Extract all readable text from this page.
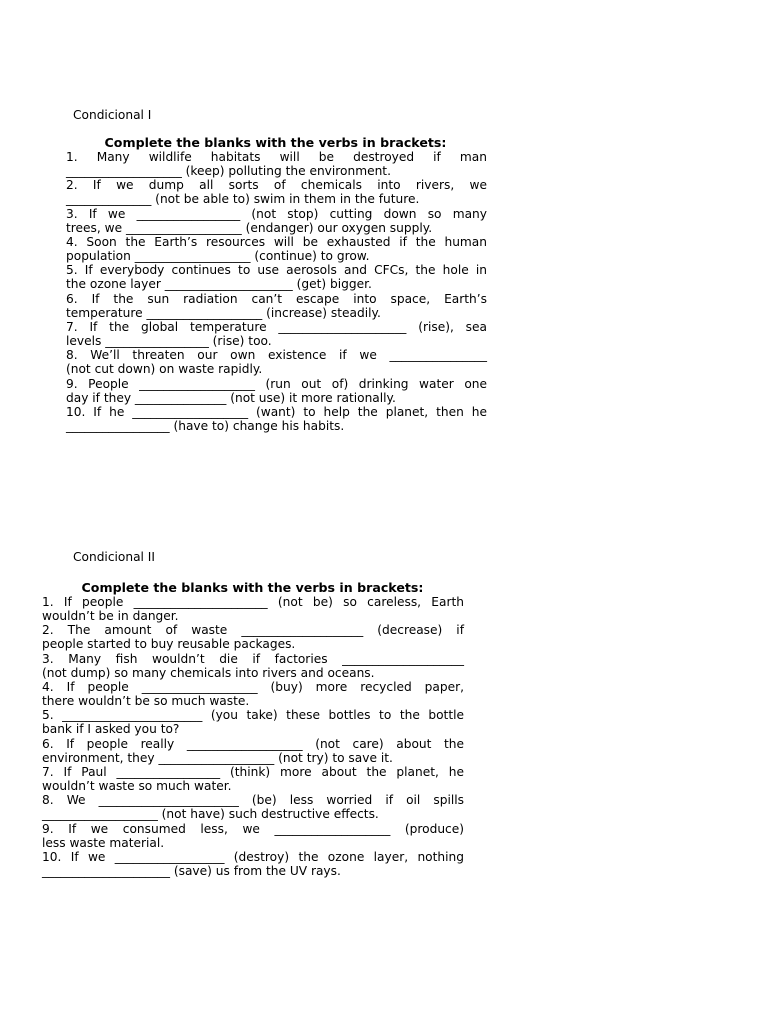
Condicional I
Complete the blanks with the verbs in brackets:
1. Many wildlife habitats will be destroyed if man
___________________ (keep) polluting the environment.
2. If we dump all sorts of chemicals into rivers, we
______________ (not be able to) swim in them in the future.
3. If we _________________ (not stop) cutting down so many
trees, we ___________________ (endanger) our oxygen supply.
4. Soon the Earth’s resources will be exhausted if the human
population ___________________ (continue) to grow.
5. If everybody continues to use aerosols and CFCs, the hole in
the ozone layer _____________________ (get) bigger.
6. If the sun radiation can’t escape into space, Earth’s
temperature ___________________ (increase) steadily.
7. If the global temperature _____________________ (rise), sea
levels _________________ (rise) too.
8. We’ll threaten our own existence if we ________________
(not cut down) on waste rapidly.
9. People ___________________ (run out of) drinking water one
day if they _______________ (not use) it more rationally.
10. If he ___________________ (want) to help the planet, then he
_________________ (have to) change his habits.
Condicional II
Complete the blanks with the verbs in brackets:
1. If people ______________________ (not be) so careless, Earth
wouldn’t be in danger.
2. The amount of waste ____________________ (decrease) if
people started to buy reusable packages.
3. Many fish wouldn’t die if factories ____________________
(not dump) so many chemicals into rivers and oceans.
4. If people ___________________ (buy) more recycled paper,
there wouldn’t be so much waste.
5. _______________________ (you take) these bottles to the bottle
bank if I asked you to?
6. If people really ___________________ (not care) about the
environment, they ___________________ (not try) to save it.
7. If Paul _________________ (think) more about the planet, he
wouldn’t waste so much water.
8. We _______________________ (be) less worried if oil spills
___________________ (not have) such destructive effects.
9. If we consumed less, we ___________________ (produce)
less waste material.
10. If we __________________ (destroy) the ozone layer, nothing
_____________________ (save) us from the UV rays.
